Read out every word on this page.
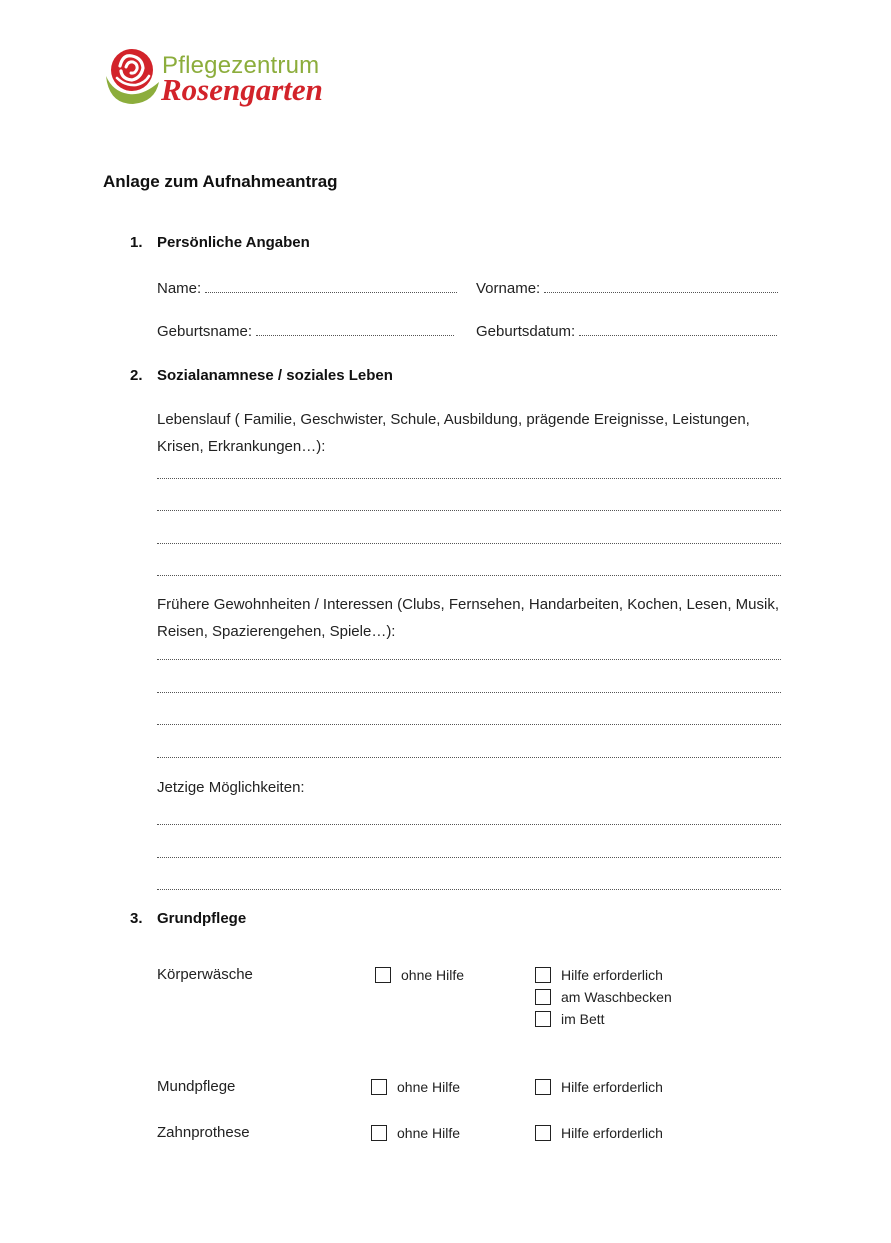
Pflegezentrum
Rosengarten
Anlage zum Aufnahmeantrag
1. Persönliche Angaben
Name:	Vorname:
Geburtsname:	Geburtsdatum:
2. Sozialanamnese / soziales Leben
Lebenslauf ( Familie, Geschwister, Schule, Ausbildung, prägende Ereignisse, Leistungen, Krisen, Erkrankungen…):
Frühere Gewohnheiten / Interessen (Clubs, Fernsehen, Handarbeiten, Kochen, Lesen, Musik, Reisen, Spazierengehen, Spiele…):
Jetzige Möglichkeiten:
3. Grundpflege
Körperwäsche	ohne Hilfe	Hilfe erforderlich
am Waschbecken
im Bett
Mundpflege	ohne Hilfe	Hilfe erforderlich
Zahnprothese	ohne Hilfe	Hilfe erforderlich
